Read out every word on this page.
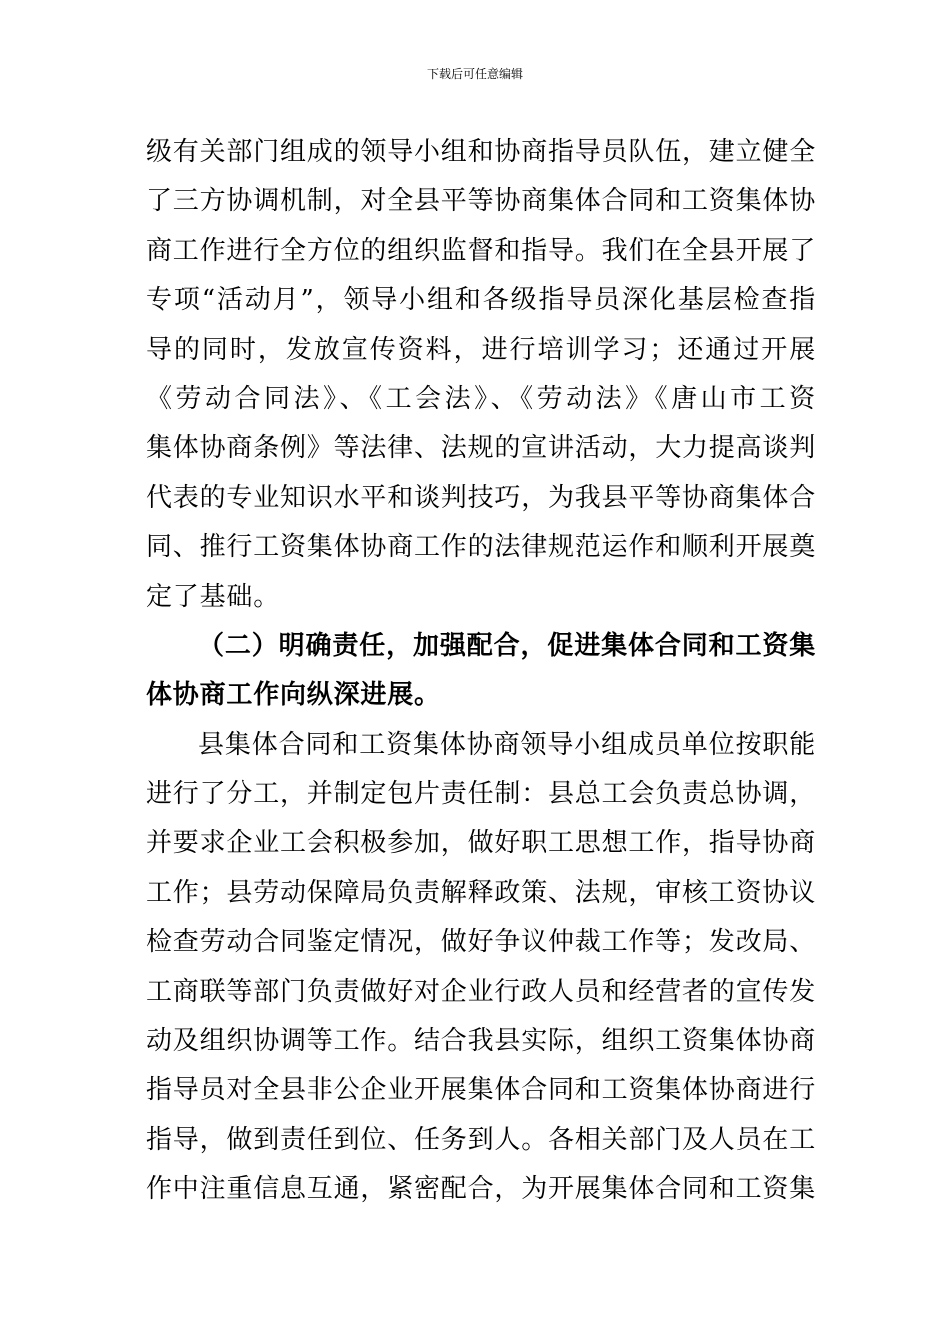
下载后可任意编辑
级有关部门组成的领导小组和协商指导员队伍，建立健全
了三方协调机制，对全县平等协商集体合同和工资集体协
商工作进行全方位的组织监督和指导。我们在全县开展了
专项“活动月”，领导小组和各级指导员深化基层检查指
导的同时，发放宣传资料，进行培训学习；还通过开展
《劳动合同法》、《工会法》、《劳动法》《唐山市工资
集体协商条例》等法律、法规的宣讲活动，大力提高谈判
代表的专业知识水平和谈判技巧，为我县平等协商集体合
同、推行工资集体协商工作的法律规范运作和顺利开展奠
定了基础。
（二）明确责任，加强配合，促进集体合同和工资集
体协商工作向纵深进展。
县集体合同和工资集体协商领导小组成员单位按职能
进行了分工，并制定包片责任制：县总工会负责总协调，
并要求企业工会积极参加，做好职工思想工作，指导协商
工作；县劳动保障局负责解释政策、法规，审核工资协议
检查劳动合同鉴定情况，做好争议仲裁工作等；发改局、
工商联等部门负责做好对企业行政人员和经营者的宣传发
动及组织协调等工作。结合我县实际，组织工资集体协商
指导员对全县非公企业开展集体合同和工资集体协商进行
指导，做到责任到位、任务到人。各相关部门及人员在工
作中注重信息互通，紧密配合，为开展集体合同和工资集
